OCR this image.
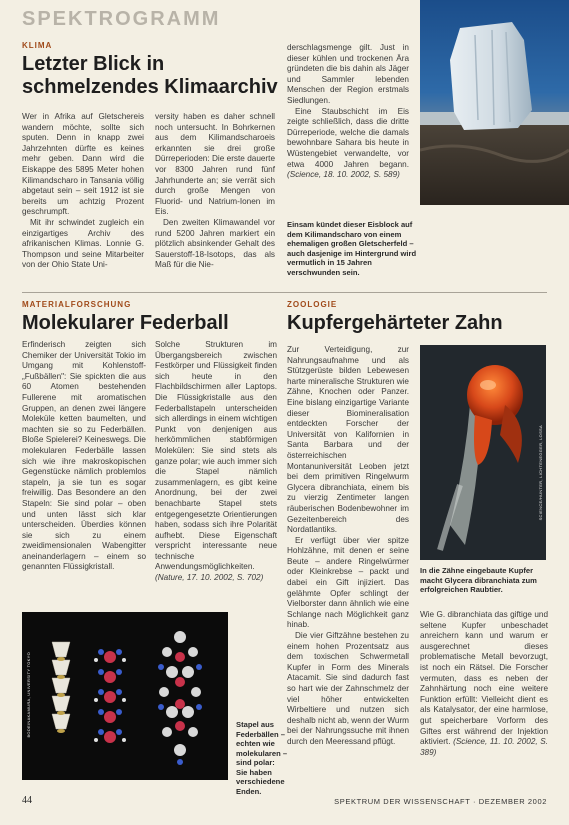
SPEKTROGRAMM
KLIMA
Letzter Blick in
schmelzendes Klimaarchiv

Wer in Afrika auf Gletschereis wandern möchte, sollte sich sputen. Denn in knapp zwei Jahrzehnten dürfte es keines mehr geben. Dann wird die Eiskappe des 5895 Meter hohen Kilimandscharo in Tansania völlig abgetaut sein – seit 1912 ist sie bereits um achtzig Prozent geschrumpft.

Mit ihr schwindet zugleich ein einzigartiges Archiv des afrikanischen Klimas. Lonnie G. Thompson und seine Mitarbeiter von der Ohio State Uni-

versity haben es daher schnell noch untersucht. In Bohrkernen aus dem Kilimandscharoeis erkannten sie drei große Dürreperioden: Die erste dauerte vor 8300 Jahren rund fünf Jahrhunderte an; sie verrät sich durch große Mengen von Fluorid- und Natrium-Ionen im Eis.

Den zweiten Klimawandel vor rund 5200 Jahren markiert ein plötzlich absinkender Gehalt des Sauerstoff-18-Isotops, das als Maß für die Nie-

derschlagsmenge gilt. Just in dieser kühlen und trockenen Ära gründeten die bis dahin als Jäger und Sammler lebenden Menschen der Region erstmals Siedlungen.

Eine Staubschicht im Eis zeigte schließlich, dass die dritte Dürreperiode, welche die damals bewohnbare Sahara bis heute in Wüstengebiet verwandelte, vor etwa 4000 Jahren begann. (Science, 18. 10. 2002, S. 589)

Einsam kündet dieser Eisblock auf dem Kilimandscharo von einem ehemaligen großen Gletscherfeld – auch dasjenige im Hintergrund wird vermutlich in 15 Jahren verschwunden sein.
MATERIALFORSCHUNG
Molekularer Federball

Erfinderisch zeigten sich Chemiker der Universität Tokio im Umgang mit Kohlenstoff-„Fußbällen": Sie spickten die aus 60 Atomen bestehenden Fullerene mit aromatischen Gruppen, an denen zwei längere Moleküle ketten baumelten, und machten sie so zu Federbällen. Bloße Spielerei? Keineswegs. Die molekularen Federbälle lassen sich wie ihre makroskopischen Gegenstücke nämlich problemlos stapeln, ja sie tun es sogar freiwillig. Das Besondere an den Stapeln: Sie sind polar – oben und unten lässt sich klar unterscheiden. Überdies können sie sich zu einem zweidimensionalen Wabengitter aneinanderlagern – einem so genannten Flüssigkristall.

Solche Strukturen im Übergangsbereich zwischen Festkörper und Flüssigkeit finden sich heute in den Flachbildschirmen aller Laptops. Die Flüssigkristalle aus den Federballstapeln unterscheiden sich allerdings in einem wichtigen Punkt von denjenigen aus herkömmlichen stabförmigen Molekülen: Sie sind stets als ganze polar; wie auch immer sich die Stapel nämlich zusammenlagern, es gibt keine Anordnung, bei der zwei benachbarte Stapel stets entgegengesetzte Orientierungen haben, sodass sich ihre Polarität aufhebt. Diese Eigenschaft verspricht interessante neue technische Anwendungsmöglichkeiten. (Nature, 17. 10. 2002, S. 702)

BODE/NAKAMURA, UNIVERSITY TOKYO	Stapel aus Federbällen – echten wie molekularen – sind polar: Sie haben verschiedene Enden.
ZOOLOGIE
Kupfergehärteter Zahn

Zur Verteidigung, zur Nahrungsaufnahme und als Stützgerüste bilden Lebewesen harte mineralische Strukturen wie Zähne, Knochen oder Panzer. Eine bislang einzigartige Variante dieser Biomineralisation entdeckten Forscher der Universität von Kalifornien in Santa Barbara und der österreichischen Montanuniversität Leoben jetzt bei dem primitiven Ringelwurm Glycera dibranchiata, einem bis zu vierzig Zentimeter langen räuberischen Bodenbewohner im Gezeitenbereich des Nordatlantiks.

Er verfügt über vier spitze Hohlzähne, mit denen er seine Beute – andere Ringelwürmer oder Kleinkrebse – packt und dabei ein Gift injiziert. Das gelähmte Opfer schlingt der Vielborster dann ähnlich wie eine Schlange nach Möglichkeit ganz hinab.

Die vier Giftzähne bestehen zu einem hohen Prozentsatz aus dem toxischen Schwermetall Kupfer in Form des Minerals Atacamit. Sie sind dadurch fast so hart wie der Zahnschmelz der viel höher entwickelten Wirbeltiere und nutzen sich deshalb nicht ab, wenn der Wurm bei der Nahrungssuche mit ihnen durch den Meeressand pflügt.

SCIENCE/HUNTER, LICHTENEGGER, LOSSA
In die Zähne eingebaute Kupfer macht Glycera dibranchiata zum erfolgreichen Raubtier.

Wie G. dibranchiata das giftige und seltene Kupfer unbeschadet anreichern kann und warum er ausgerechnet dieses problematische Metall bevorzugt, ist noch ein Rätsel. Die Forscher vermuten, dass es neben der Zahnhärtung noch eine weitere Funktion erfüllt: Vielleicht dient es als Katalysator, der eine harmlose, gut speicherbare Vorform des Giftes erst während der Injektion aktiviert. (Science, 11. 10. 2002, S. 389)

44	SPEKTRUM DER WISSENSCHAFT · DEZEMBER 2002
